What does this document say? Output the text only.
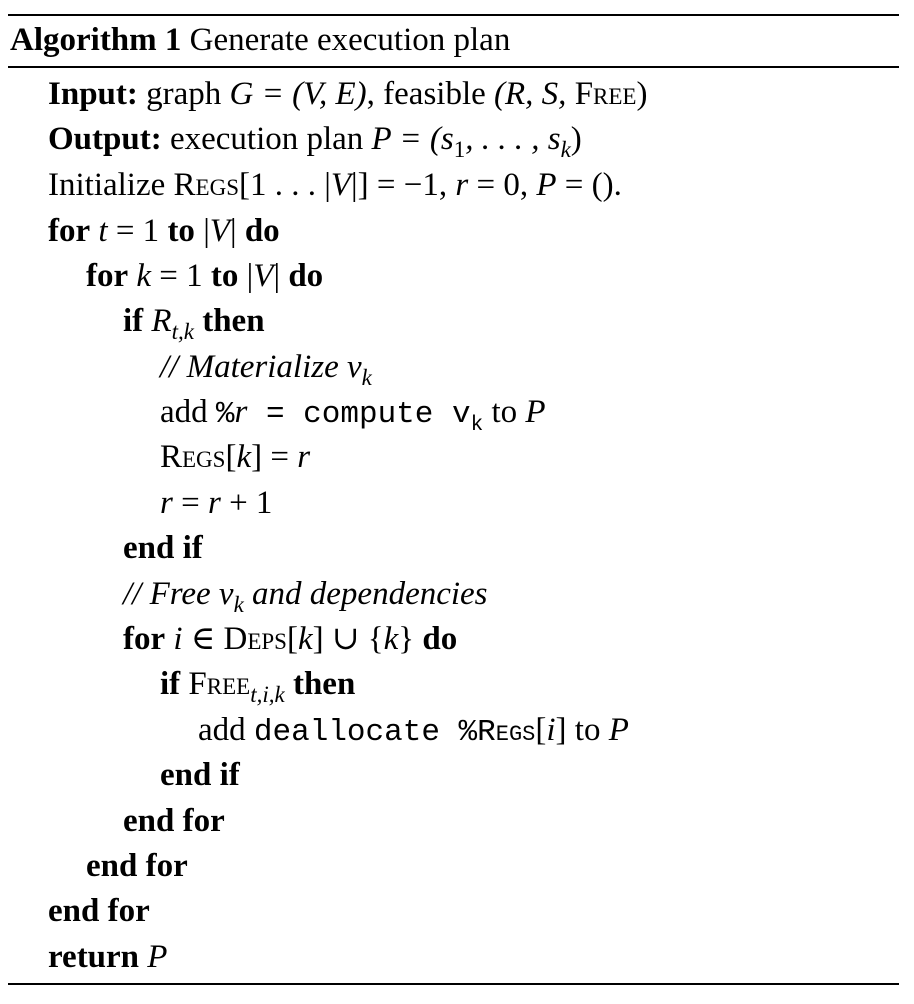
Algorithm 1 Generate execution plan
Input: graph G = (V, E), feasible (R, S, Free)
Output: execution plan $P = (s_1$, . . . , $s_k$)
Initialize Regs[1 . . . |V|] = −1, r = 0, P = ().
for t = 1 to |V| do
for k = 1 to |V| do
if $R_{t,k}$ then
// Materialize $v_k$
add %r = compute $v_k$ to P
Regs[k] = r
r = r + 1
end if
// Free $v_k$ and dependencies
for i ∈ Deps[k] ∪ {k} do
if Free$_{t,i,k}$ then
add deallocate %Regs[i] to P
end if
end for
end for
end for
return P
